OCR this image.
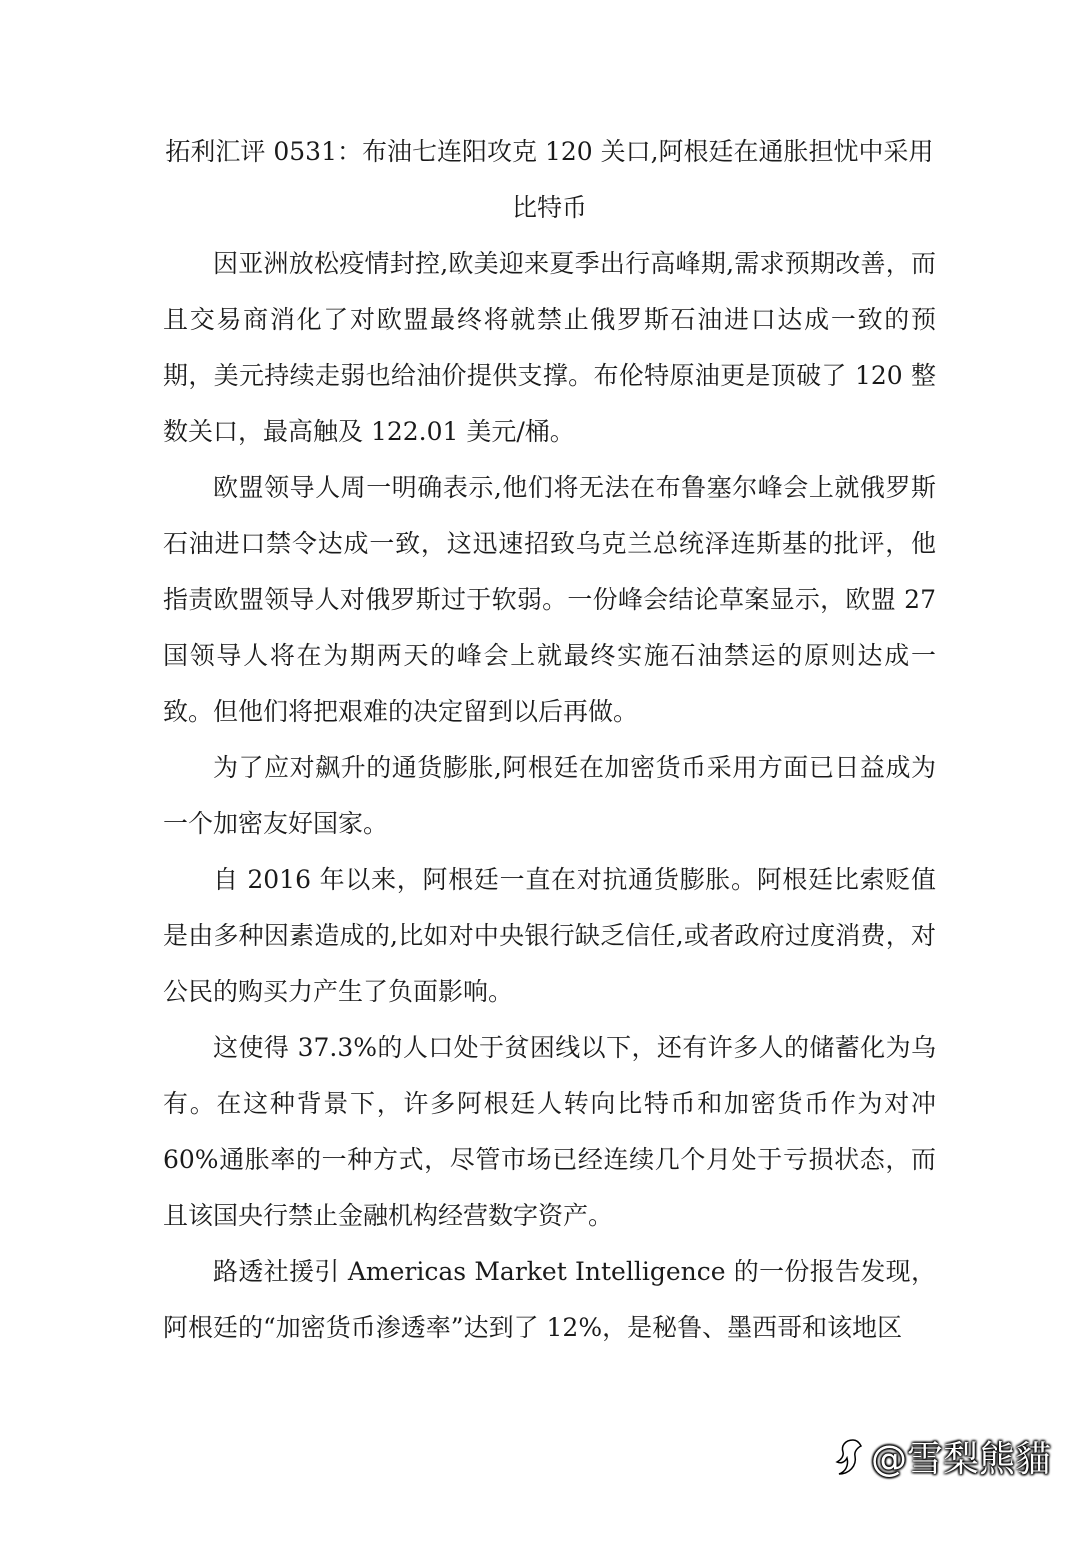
拓利汇评 0531：布油七连阳攻克 120 关口,阿根廷在通胀担忧中采用比特币

因亚洲放松疫情封控,欧美迎来夏季出行高峰期,需求预期改善，而且交易商消化了对欧盟最终将就禁止俄罗斯石油进口达成一致的预期，美元持续走弱也给油价提供支撑。布伦特原油更是顶破了 120 整数关口，最高触及 122.01 美元/桶。

欧盟领导人周一明确表示,他们将无法在布鲁塞尔峰会上就俄罗斯石油进口禁令达成一致，这迅速招致乌克兰总统泽连斯基的批评，他指责欧盟领导人对俄罗斯过于软弱。一份峰会结论草案显示，欧盟 27 国领导人将在为期两天的峰会上就最终实施石油禁运的原则达成一致。但他们将把艰难的决定留到以后再做。

为了应对飙升的通货膨胀,阿根廷在加密货币采用方面已日益成为一个加密友好国家。

自 2016 年以来，阿根廷一直在对抗通货膨胀。阿根廷比索贬值是由多种因素造成的,比如对中央银行缺乏信任,或者政府过度消费，对公民的购买力产生了负面影响。

这使得 37.3%的人口处于贫困线以下，还有许多人的储蓄化为乌有。在这种背景下，许多阿根廷人转向比特币和加密货币作为对冲 60%通胀率的一种方式，尽管市场已经连续几个月处于亏损状态，而且该国央行禁止金融机构经营数字资产。

路透社援引 Americas Market Intelligence 的一份报告发现，阿根廷的“加密货币渗透率”达到了 12%，是秘鲁、墨西哥和该地区

@雪梨熊貓
